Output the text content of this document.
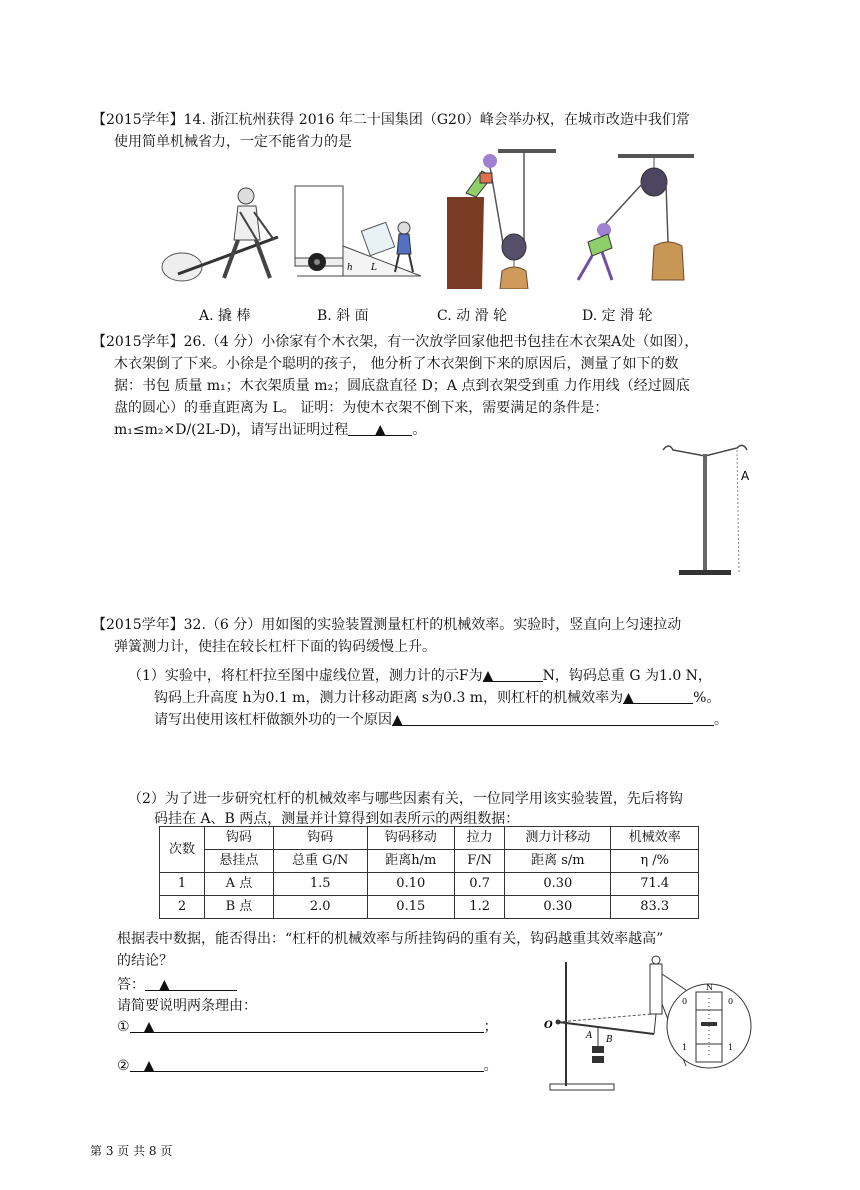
【2015学年】14. 浙江杭州获得 2016 年二十国集团（G20）峰会举办权，在城市改造中我们常
使用简单机械省力，一定不能省力的是
h L
A. 撬 棒	B. 斜 面	C. 动 滑 轮	D. 定 滑 轮
【2015学年】26.（4 分）小徐家有个木衣架，有一次放学回家他把书包挂在木衣架A处（如图），
木衣架倒了下来。小徐是个聪明的孩子， 他分析了木衣架倒下来的原因后，测量了如下的数
据：书包 质量 m₁；木衣架质量 m₂；圆底盘直径 D；A 点到衣架受到重 力作用线（经过圆底
盘的圆心）的垂直距离为 L。 证明：为使木衣架不倒下来，需要满足的条件是：
m₁≤m₂×D/(2L-D)，请写出证明过程 ▲ 。
A
【2015学年】32.（6 分）用如图的实验装置测量杠杆的机械效率。实验时，竖直向上匀速拉动
弹簧测力计，使挂在较长杠杆下面的钩码缓慢上升。
（1）实验中，将杠杆拉至图中虚线位置，测力计的示F为▲	N，钩码总重 G 为1.0 N，
钩码上升高度 h为0.1 m，测力计移动距离 s为0.3 m，则杠杆的机械效率为▲	%。
请写出使用该杠杆做额外功的一个原因▲	。
（2）为了进一步研究杠杆的机械效率与哪些因素有关，一位同学用该实验装置，先后将钩
码挂在 A、B 两点，测量并计算得到如表所示的两组数据：
次数	钩码	钩码	钩码移动	拉力	测力计移动	机械效率
	悬挂点	总重 G/N	距离h/m	F/N	距离 s/m	η /%
1	A 点	1.5	0.10	0.7	0.30	71.4
2	B 点	2.0	0.15	1.2	0.30	83.3
根据表中数据，能否得出：“杠杆的机械效率与所挂钩码的重有关，钩码越重其效率越高”
的结论？
答： ▲
请简要说明两条理由：
① ▲	；
② ▲	。
O
A B
0
N
0
1	1
第 3 页 共 8 页
